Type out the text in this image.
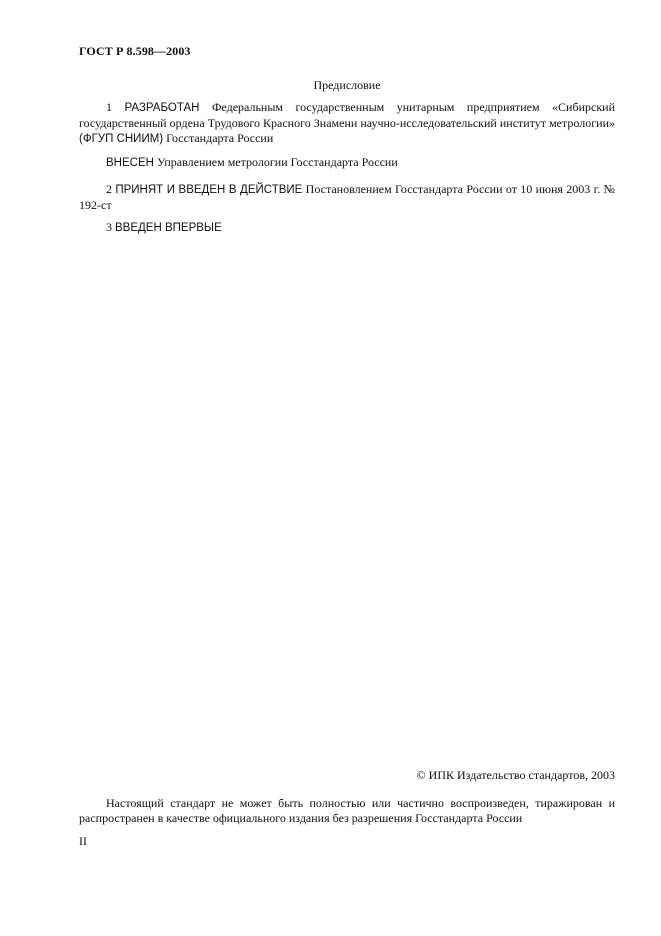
ГОСТ Р 8.598—2003
Предисловие
1 РАЗРАБОТАН Федеральным государственным унитарным предприятием «Сибирский государственный ордена Трудового Красного Знамени научно-исследовательский институт метрологии» (ФГУП СНИИМ) Госстандарта России
ВНЕСЕН Управлением метрологии Госстандарта России
2 ПРИНЯТ И ВВЕДЕН В ДЕЙСТВИЕ Постановлением Госстандарта России от 10 июня 2003 г. № 192-ст
3 ВВЕДЕН ВПЕРВЫЕ
© ИПК Издательство стандартов, 2003
Настоящий стандарт не может быть полностью или частично воспроизведен, тиражирован и распространен в качестве официального издания без разрешения Госстандарта России
II
